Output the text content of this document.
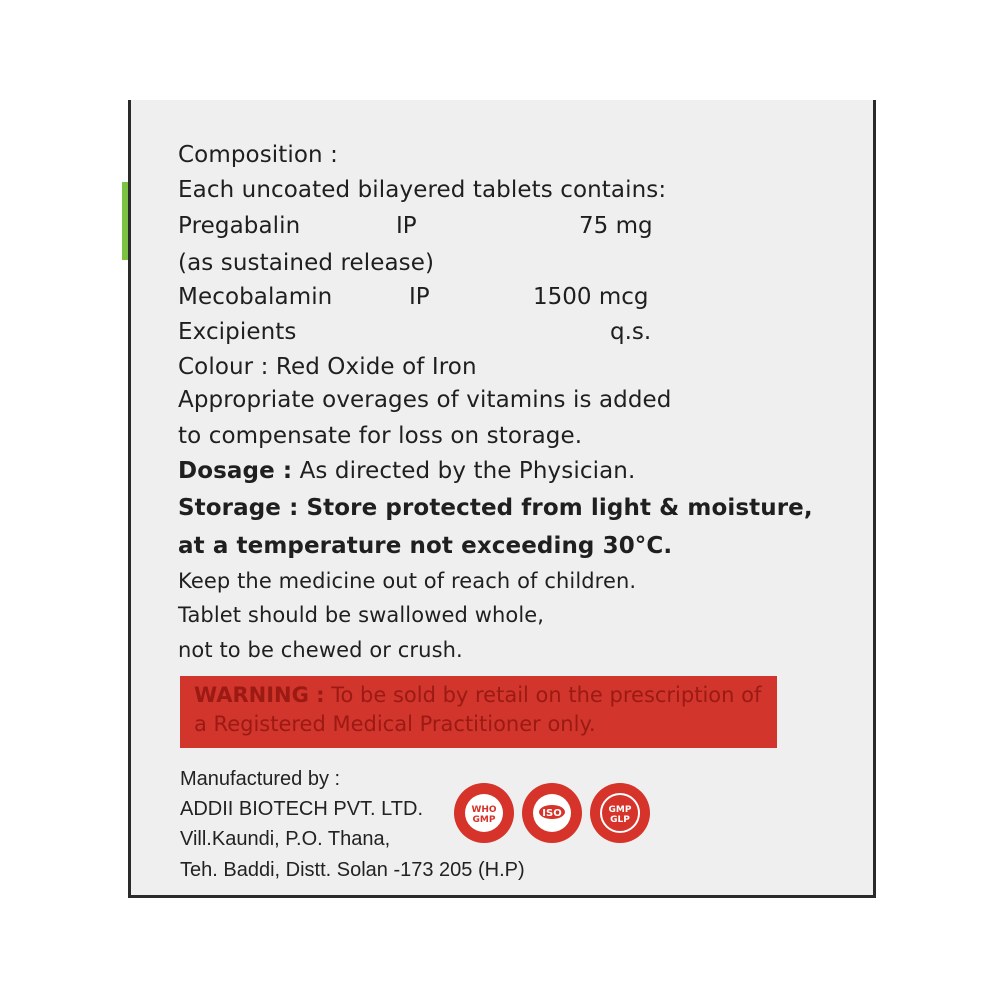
Composition :
Each uncoated bilayered tablets contains:
Pregabalin	IP	75 mg
(as sustained release)
Mecobalamin	IP	1500 mcg
Excipients	q.s.
Colour : Red Oxide of Iron
Appropriate overages of vitamins is added
to compensate for loss on storage.
Dosage : As directed by the Physician.
Storage : Store protected from light & moisture,
at a temperature not exceeding 30°C.
Keep the medicine out of reach of children.
Tablet should be swallowed whole,
not to be chewed or crush.
WARNING : To be sold by retail on the prescription of
a Registered Medical Practitioner only.
Manufactured by :
ADDII BIOTECH PVT. LTD.
Vill.Kaundi, P.O. Thana,
Teh. Baddi, Distt. Solan -173 205 (H.P)
WHO
GMP
ISO	GMP
GLP
